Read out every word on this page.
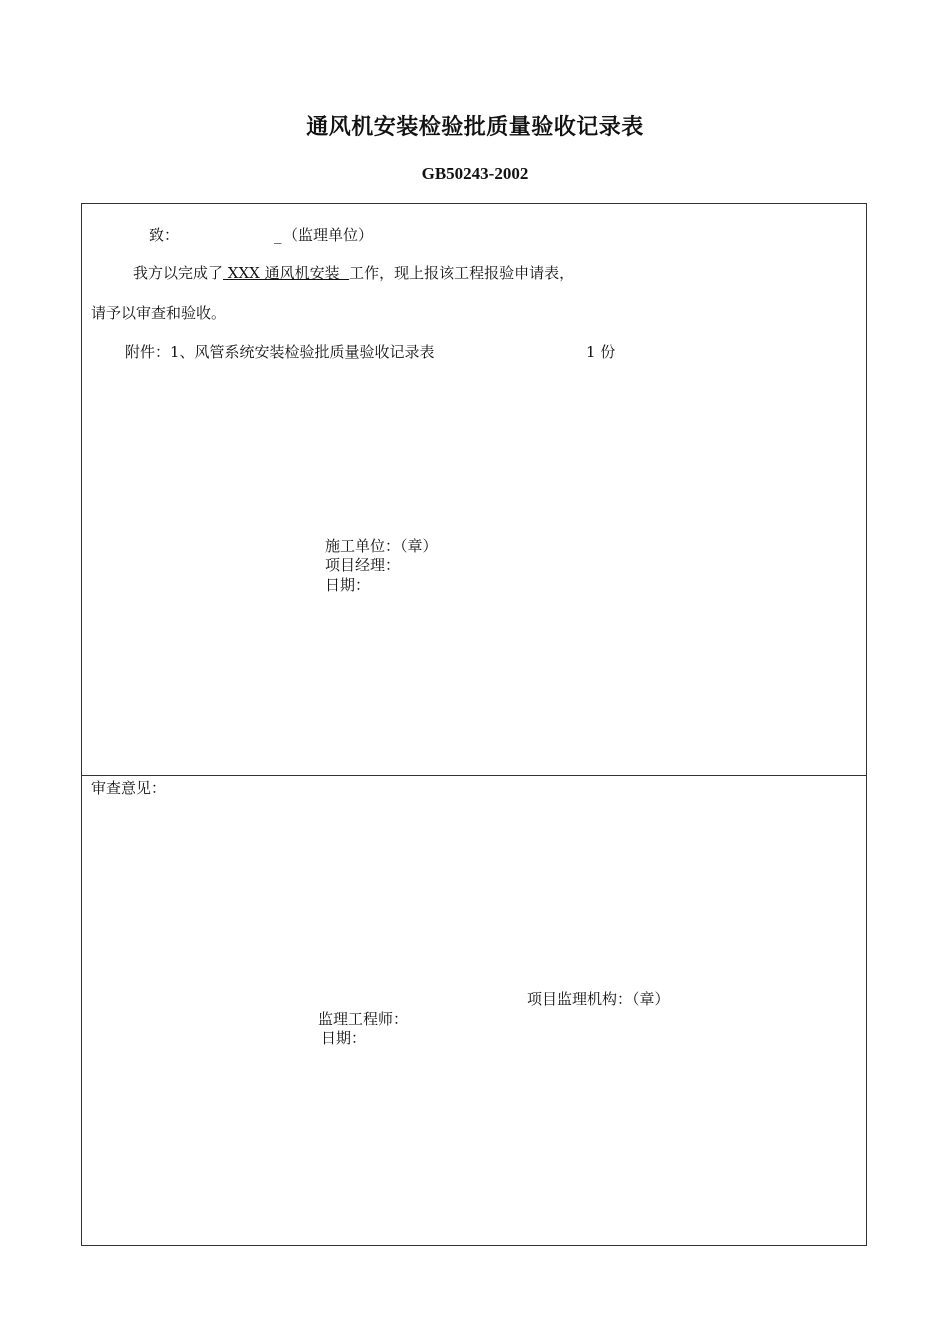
通风机安装检验批质量验收记录表
GB50243-2002
致：	_ （监理单位）
我方以完成了 XXX 通风机安装  工作，现上报该工程报验申请表，
请予以审查和验收。
附件：1、风管系统安装检验批质量验收记录表	1 份
施工单位：（章）
项目经理：
日期：
审查意见：
项目监理机构：（章）
监理工程师：
日期：
